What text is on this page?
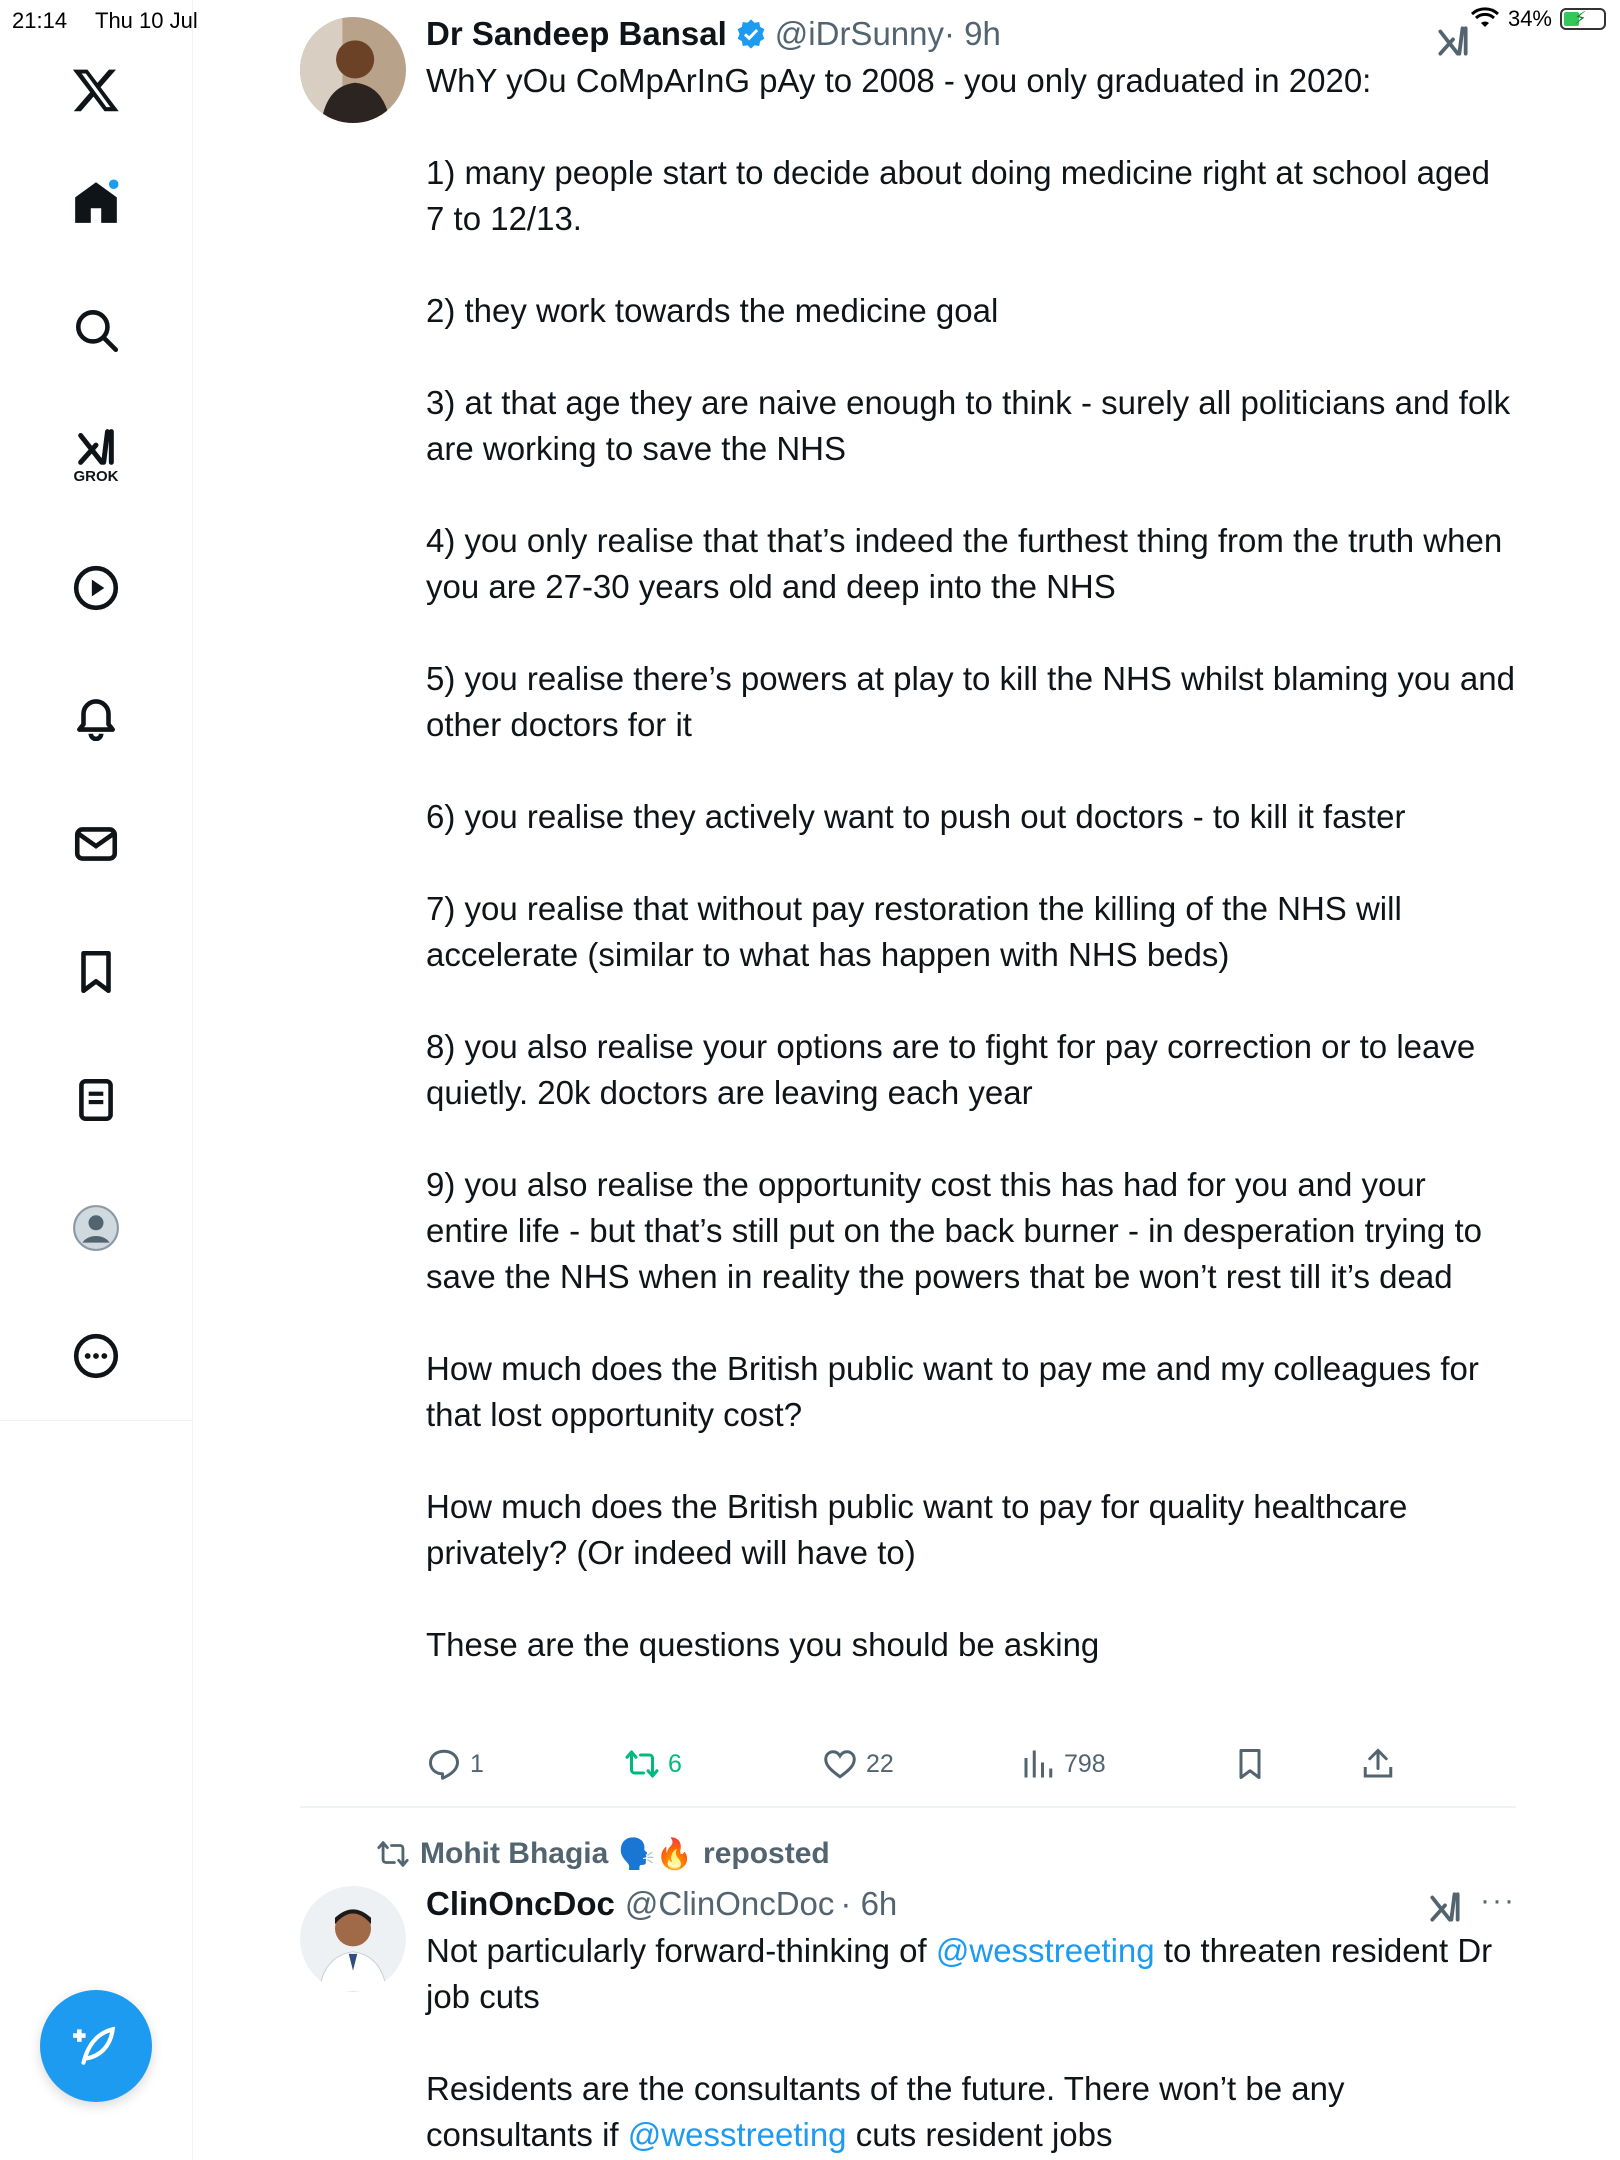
21:14 Thu 10 Jul	34% ⚡
GROK
Dr Sandeep Bansal @iDrSunny · 9h

WhY yOu CoMpArInG pAy to 2008 - you only graduated in 2020:

1) many people start to decide about doing medicine right at school aged 7 to 12/13.

2) they work towards the medicine goal

3) at that age they are naive enough to think - surely all politicians and folk are working to save the NHS

4) you only realise that that’s indeed the furthest thing from the truth when you are 27-30 years old and deep into the NHS

5) you realise there’s powers at play to kill the NHS whilst blaming you and other doctors for it

6) you realise they actively want to push out doctors - to kill it faster

7) you realise that without pay restoration the killing of the NHS will accelerate (similar to what has happen with NHS beds)

8) you also realise your options are to fight for pay correction or to leave quietly. 20k doctors are leaving each year

9) you also realise the opportunity cost this has had for you and your entire life - but that’s still put on the back burner - in desperation trying to save the NHS when in reality the powers that be won’t rest till it’s dead

How much does the British public want to pay me and my colleagues for that lost opportunity cost?

How much does the British public want to pay for quality healthcare privately? (Or indeed will have to)

These are the questions you should be asking

1	6	22	798
Mohit Bhagia 🗣️🔥 reposted
ClinOncDoc @ClinOncDoc · 6h	···

Not particularly forward-thinking of @wesstreeting to threaten resident Dr job cuts

Residents are the consultants of the future. There won’t be any consultants if @wesstreeting cuts resident jobs
